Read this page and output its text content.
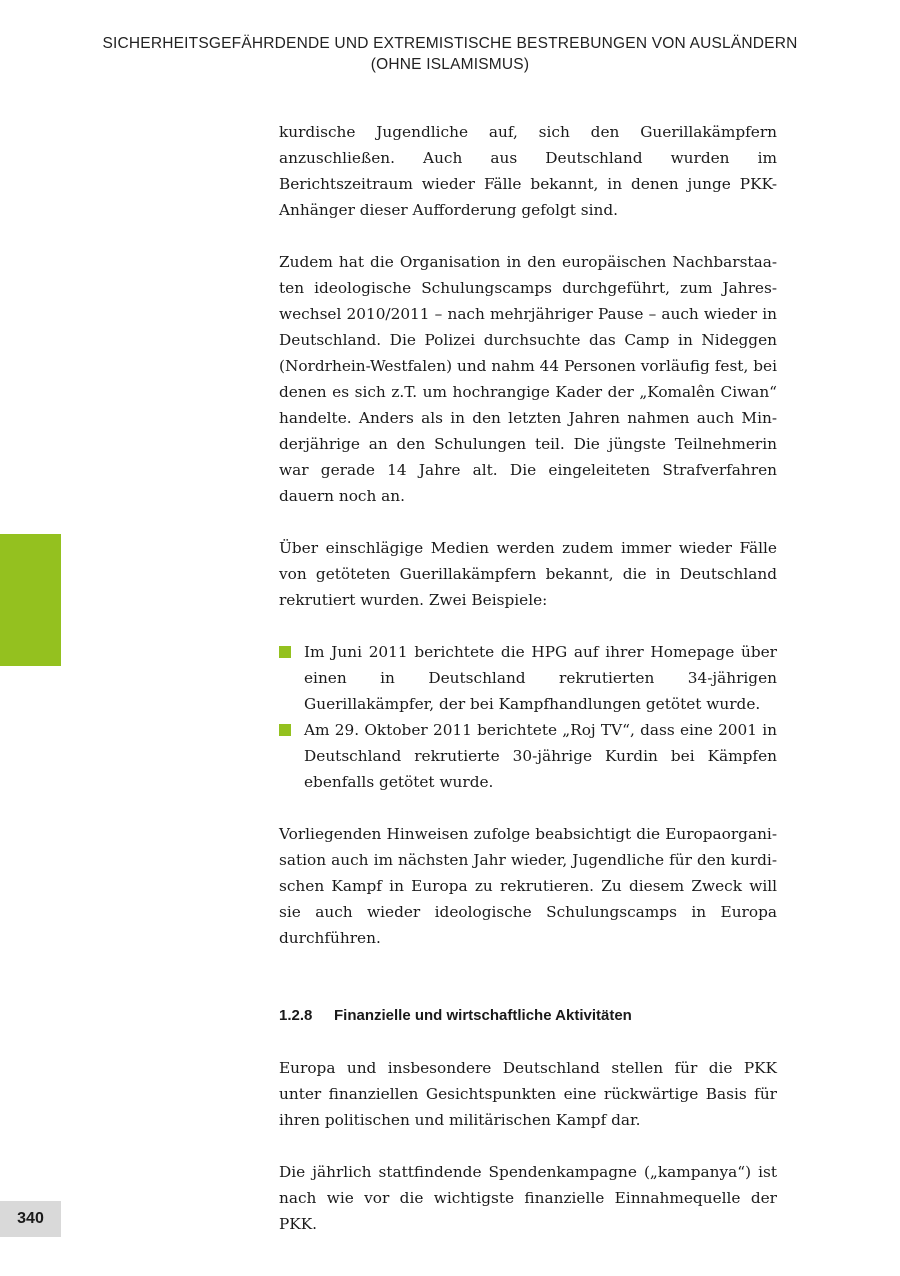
SICHERHEITSGEFÄHRDENDE UND EXTREMISTISCHE BESTREBUNGEN VON AUSLÄNDERN
(OHNE ISLAMISMUS)
340

kurdische Jugendliche auf, sich den Guerillakämpfern anzuschließen. Auch aus Deutschland wurden im Berichtszeitraum wieder Fälle bekannt, in denen junge PKK-Anhänger dieser Aufforderung gefolgt sind.

Zudem hat die Organisation in den europäischen Nachbarstaaten ideologische Schulungscamps durchgeführt, zum Jahreswechsel 2010/2011 – nach mehrjähriger Pause – auch wieder in Deutschland. Die Polizei durchsuchte das Camp in Nideggen (Nordrhein-Westfalen) und nahm 44 Personen vorläufig fest, bei denen es sich z.T. um hochrangige Kader der „Komalên Ciwan“ handelte. Anders als in den letzten Jahren nahmen auch Minderjährige an den Schulungen teil. Die jüngste Teilnehmerin war gerade 14 Jahre alt. Die eingeleiteten Strafverfahren dauern noch an.

Über einschlägige Medien werden zudem immer wieder Fälle von getöteten Guerillakämpfern bekannt, die in Deutschland rekrutiert wurden. Zwei Beispiele:

Im Juni 2011 berichtete die HPG auf ihrer Homepage über einen in Deutschland rekrutierten 34-jährigen Guerillakämpfer, der bei Kampfhandlungen getötet wurde.
Am 29. Oktober 2011 berichtete „Roj TV“, dass eine 2001 in Deutschland rekrutierte 30-jährige Kurdin bei Kämpfen ebenfalls getötet wurde.

Vorliegenden Hinweisen zufolge beabsichtigt die Europaorganisation auch im nächsten Jahr wieder, Jugendliche für den kurdischen Kampf in Europa zu rekrutieren. Zu diesem Zweck will sie auch wieder ideologische Schulungscamps in Europa durchführen.

1.2.8 Finanzielle und wirtschaftliche Aktivitäten

Europa und insbesondere Deutschland stellen für die PKK unter finanziellen Gesichtspunkten eine rückwärtige Basis für ihren politischen und militärischen Kampf dar.

Die jährlich stattfindende Spendenkampagne („kampanya“) ist nach wie vor die wichtigste finanzielle Einnahmequelle der PKK.
